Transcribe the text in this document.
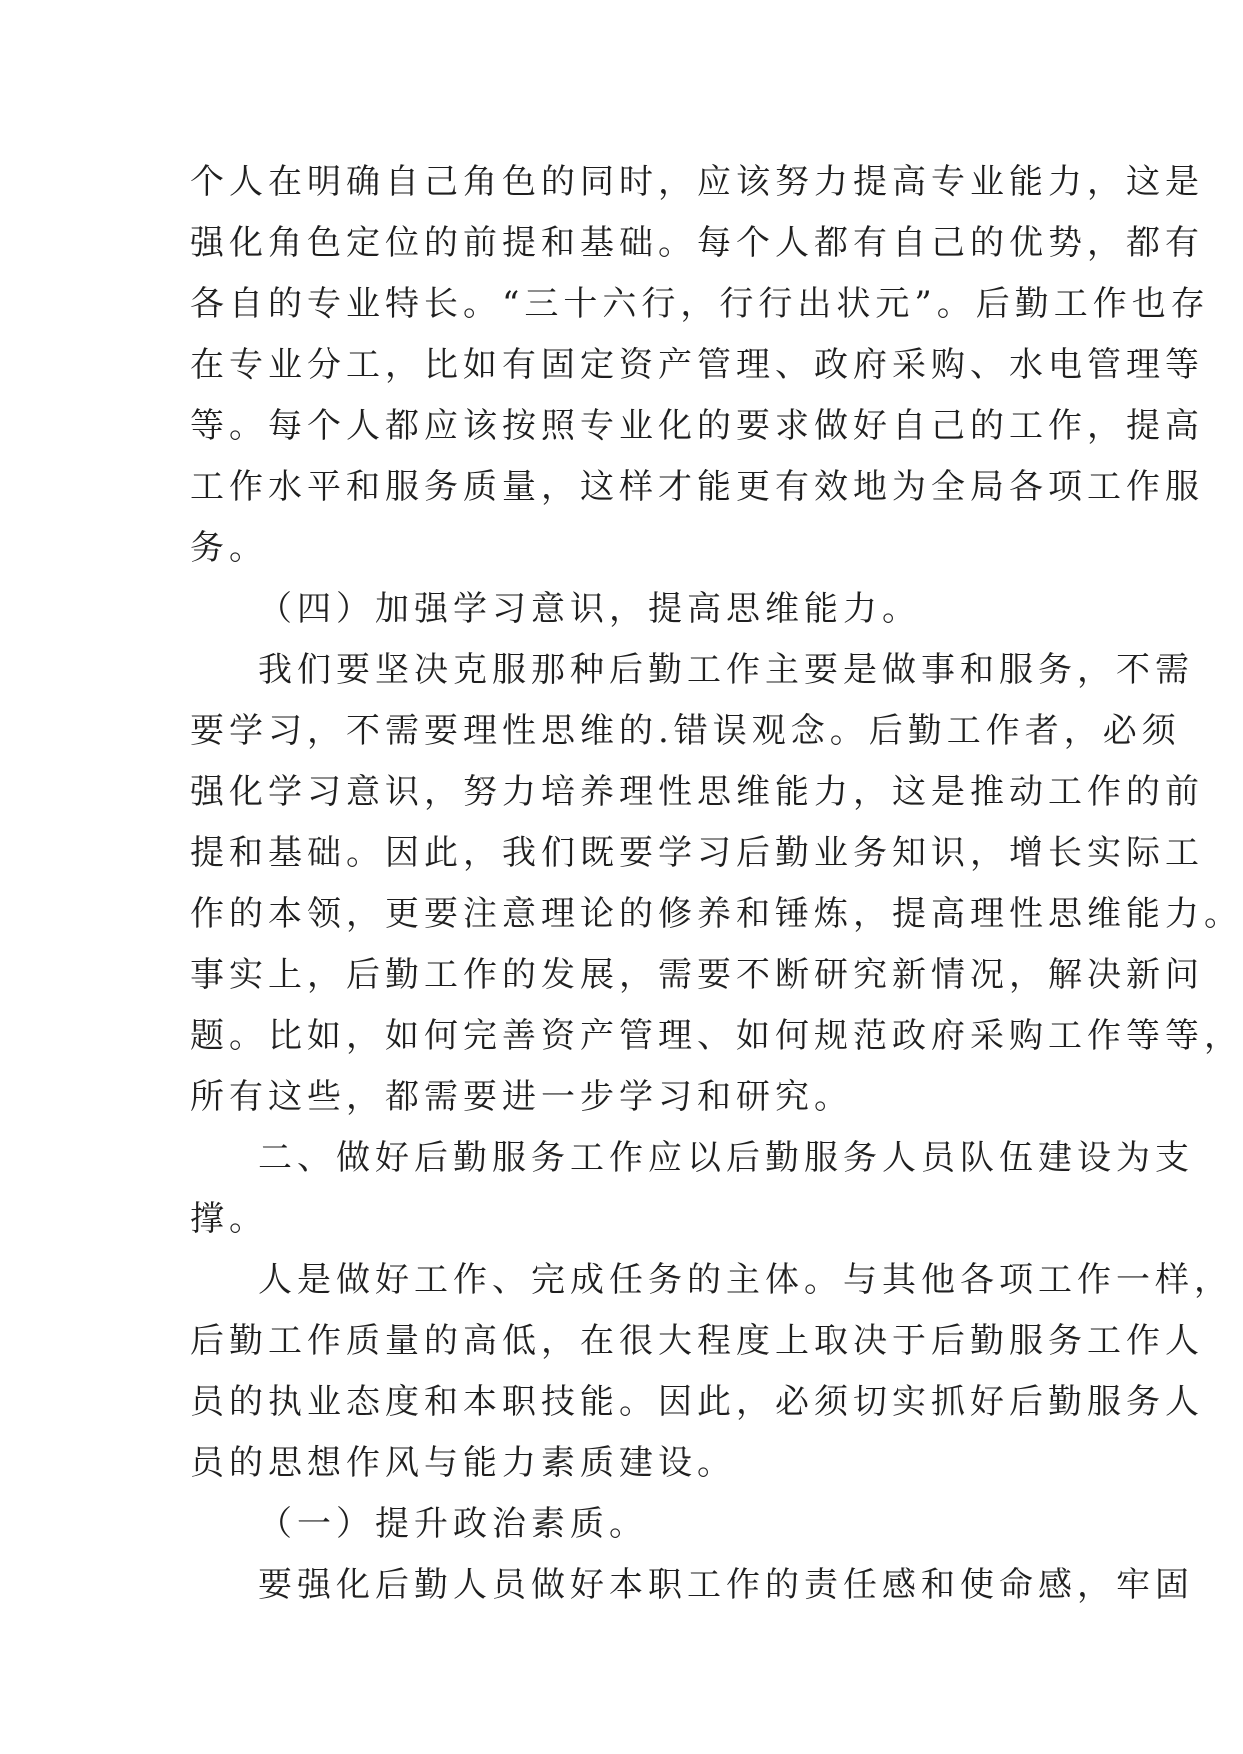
个人在明确自己角色的同时，应该努力提高专业能力，这是
强化角色定位的前提和基础。每个人都有自己的优势，都有
各自的专业特长。“三十六行，行行出状元”。后勤工作也存
在专业分工，比如有固定资产管理、政府采购、水电管理等
等。每个人都应该按照专业化的要求做好自己的工作，提高
工作水平和服务质量，这样才能更有效地为全局各项工作服
务。
（四）加强学习意识，提高思维能力。
我们要坚决克服那种后勤工作主要是做事和服务，不需
要学习，不需要理性思维的.错误观念。后勤工作者，必须
强化学习意识，努力培养理性思维能力，这是推动工作的前
提和基础。因此，我们既要学习后勤业务知识，增长实际工
作的本领，更要注意理论的修养和锤炼，提高理性思维能力。
事实上，后勤工作的发展，需要不断研究新情况，解决新问
题。比如，如何完善资产管理、如何规范政府采购工作等等，
所有这些，都需要进一步学习和研究。
二、做好后勤服务工作应以后勤服务人员队伍建设为支
撑。
人是做好工作、完成任务的主体。与其他各项工作一样，
后勤工作质量的高低，在很大程度上取决于后勤服务工作人
员的执业态度和本职技能。因此，必须切实抓好后勤服务人
员的思想作风与能力素质建设。
（一）提升政治素质。
要强化后勤人员做好本职工作的责任感和使命感，牢固
